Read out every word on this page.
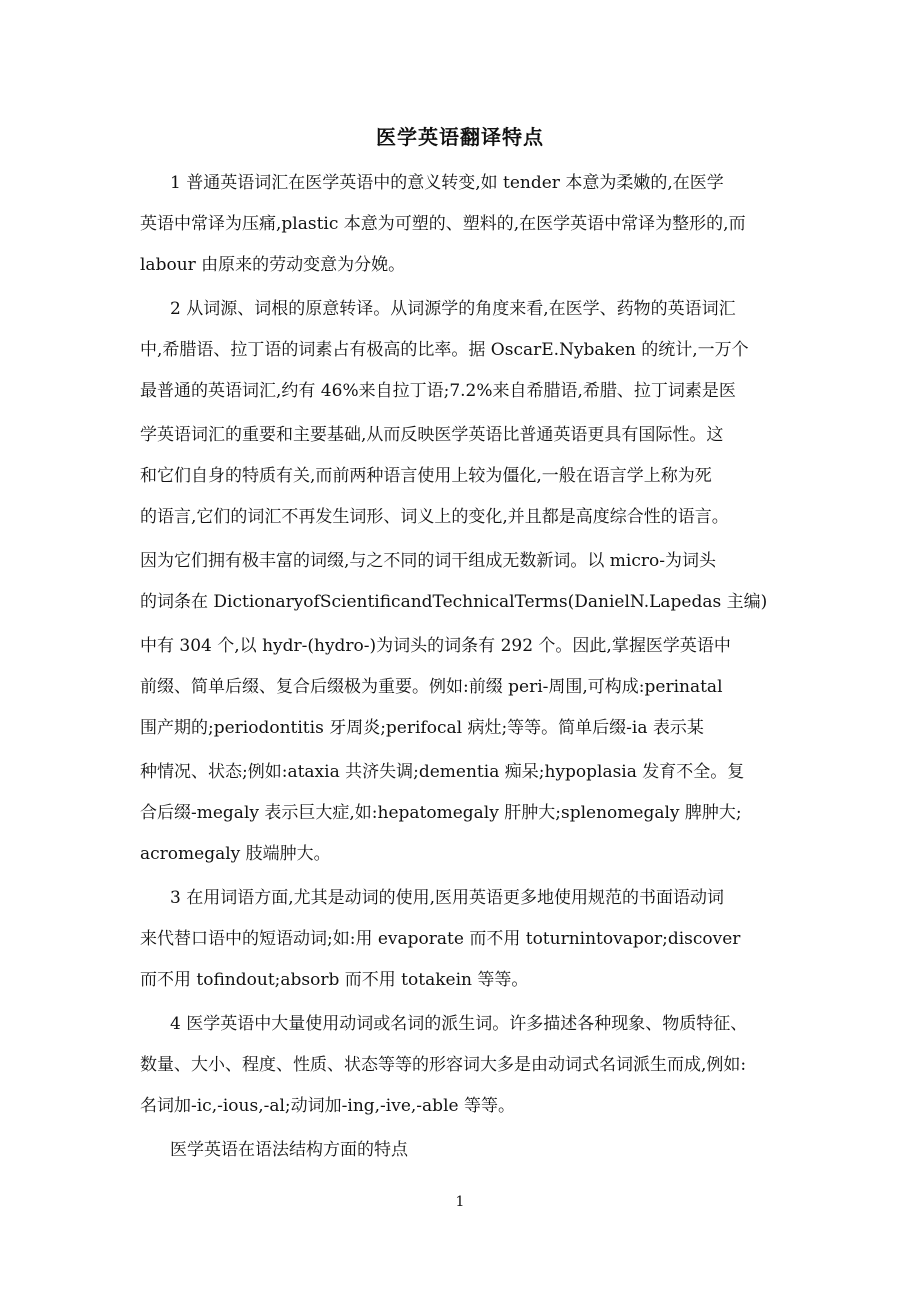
医学英语翻译特点
1 普通英语词汇在医学英语中的意义转变,如 tender 本意为柔嫩的,在医学
英语中常译为压痛,plastic 本意为可塑的、塑料的,在医学英语中常译为整形的,而
labour 由原来的劳动变意为分娩。
2 从词源、词根的原意转译。从词源学的角度来看,在医学、药物的英语词汇
中,希腊语、拉丁语的词素占有极高的比率。据 OscarE.Nybaken 的统计,一万个
最普通的英语词汇,约有 46%来自拉丁语;7.2%来自希腊语,希腊、拉丁词素是医
学英语词汇的重要和主要基础,从而反映医学英语比普通英语更具有国际性。这
和它们自身的特质有关,而前两种语言使用上较为僵化,一般在语言学上称为死
的语言,它们的词汇不再发生词形、词义上的变化,并且都是高度综合性的语言。
因为它们拥有极丰富的词缀,与之不同的词干组成无数新词。以 micro-为词头
的词条在 DictionaryofScientificandTechnicalTerms(DanielN.Lapedas 主编)
中有 304 个,以 hydr-(hydro-)为词头的词条有 292 个。因此,掌握医学英语中
前缀、简单后缀、复合后缀极为重要。例如:前缀 peri-周围,可构成:perinatal
围产期的;periodontitis 牙周炎;perifocal 病灶;等等。简单后缀-ia 表示某
种情况、状态;例如:ataxia 共济失调;dementia 痴呆;hypoplasia 发育不全。复
合后缀-megaly 表示巨大症,如:hepatomegaly 肝肿大;splenomegaly 脾肿大;
acromegaly 肢端肿大。
3 在用词语方面,尤其是动词的使用,医用英语更多地使用规范的书面语动词
来代替口语中的短语动词;如:用 evaporate 而不用 toturnintovapor;discover
而不用 tofindout;absorb 而不用 totakein 等等。
4 医学英语中大量使用动词或名词的派生词。许多描述各种现象、物质特征、
数量、大小、程度、性质、状态等等的形容词大多是由动词式名词派生而成,例如:
名词加-ic,-ious,-al;动词加-ing,-ive,-able 等等。
医学英语在语法结构方面的特点
1
